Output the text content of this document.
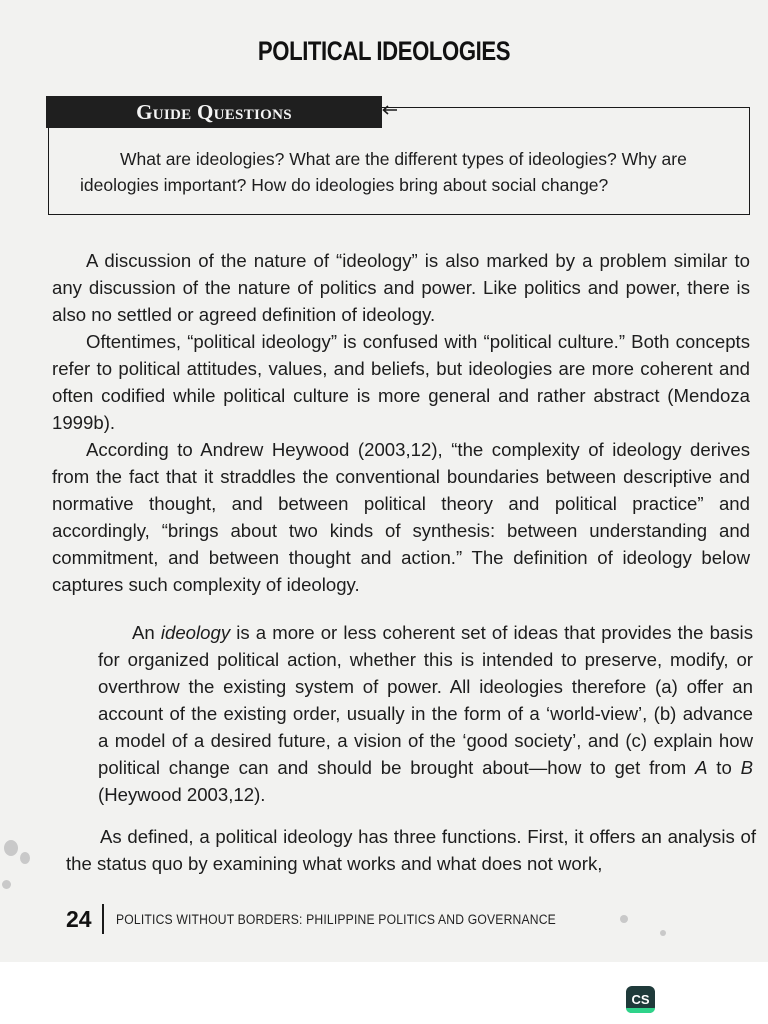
POLITICAL IDEOLOGIES
Guide Questions

What are ideologies? What are the different types of ideologies? Why are ideologies important? How do ideologies bring about social change?

A discussion of the nature of “ideology” is also marked by a problem similar to any discussion of the nature of politics and power. Like politics and power, there is also no settled or agreed definition of ideology.

Oftentimes, “political ideology” is confused with “political culture.” Both concepts refer to political attitudes, values, and beliefs, but ideologies are more coherent and often codified while political culture is more general and rather abstract (Mendoza 1999b).

According to Andrew Heywood (2003,12), “the complexity of ideology derives from the fact that it straddles the conventional boundaries between descriptive and normative thought, and between political theory and political practice” and accordingly, “brings about two kinds of synthesis: between understanding and commitment, and between thought and action.” The definition of ideology below captures such complexity of ideology.

An ideology is a more or less coherent set of ideas that provides the basis for organized political action, whether this is intended to preserve, modify, or overthrow the existing system of power. All ideologies therefore (a) offer an account of the existing order, usually in the form of a ‘world-view’, (b) advance a model of a desired future, a vision of the ‘good society’, and (c) explain how political change can and should be brought about—how to get from A to B (Heywood 2003,12).

As defined, a political ideology has three functions. First, it offers an analysis of the status quo by examining what works and what does not work,

24 POLITICS WITHOUT BORDERS: PHILIPPINE POLITICS AND GOVERNANCE
CS
